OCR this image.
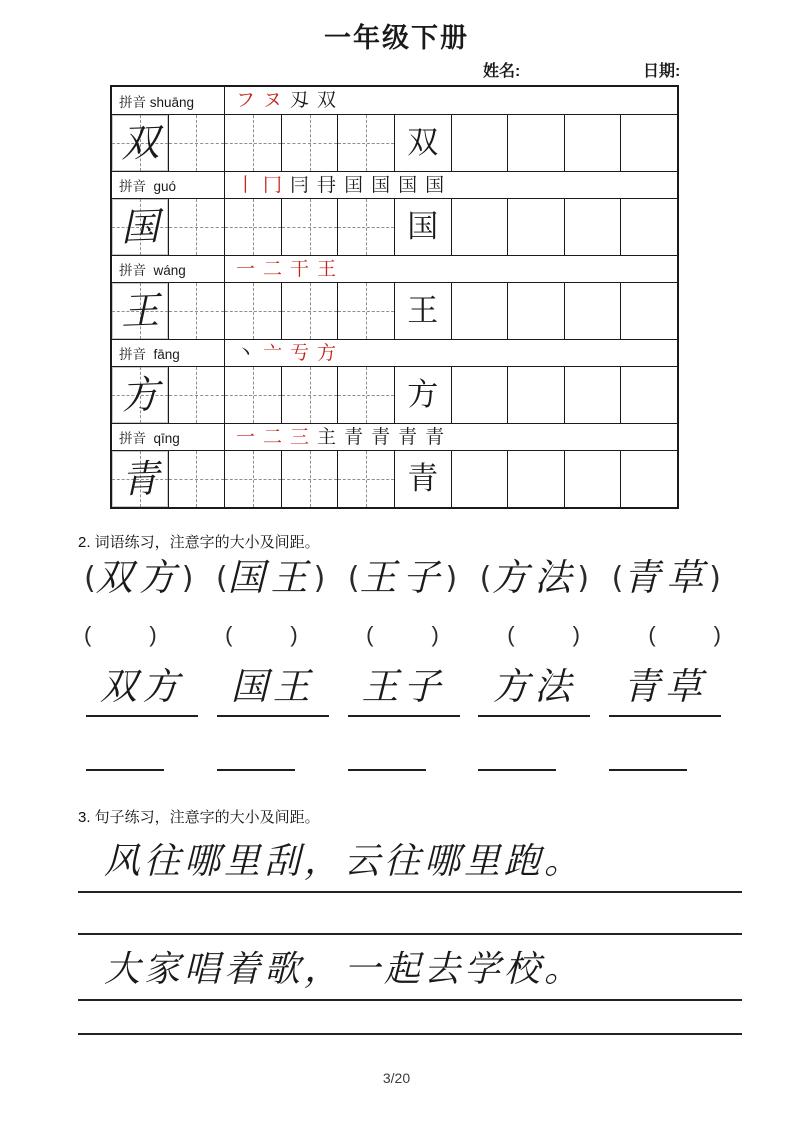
一年级下册
姓名:	日期:
拼音 shuāng	フ ヌ 刄 双
双	双
拼音  guó	丨 冂 冃 冄 囯 国 国 国
国	国
拼音  wáng	一 二 干 王
王	王
拼音  fāng	丶 亠 亐 方
方	方
拼音  qīng	一 二 三 主 青 青 青 青
青	青
2. 词语练习，注意字的大小及间距。
( 双方 ) ( 国王 ) ( 王子 ) ( 方法 ) ( 青草 )
(	)	(	)	(	)	(	)	(	)
双方	国王	王子	方法	青草
3. 句子练习，注意字的大小及间距。
风往哪里刮，云往哪里跑。
大家唱着歌，一起去学校。
3/20
